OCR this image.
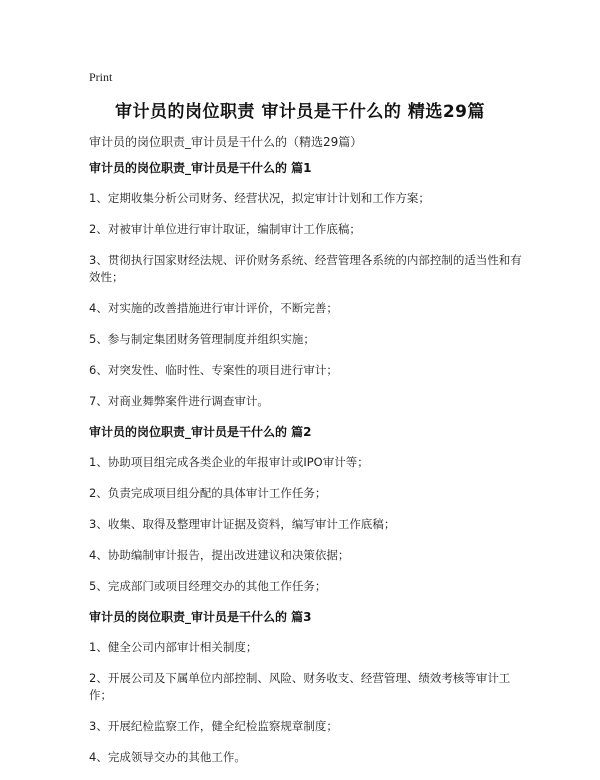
Print
审计员的岗位职责 审计员是干什么的 精选29篇
审计员的岗位职责_审计员是干什么的（精选29篇）
审计员的岗位职责_审计员是干什么的 篇1
1、定期收集分析公司财务、经营状况，拟定审计计划和工作方案；
2、对被审计单位进行审计取证，编制审计工作底稿；
3、贯彻执行国家财经法规、评价财务系统、经营管理各系统的内部控制的适当性和有效性；
4、对实施的改善措施进行审计评价，不断完善；
5、参与制定集团财务管理制度并组织实施；
6、对突发性、临时性、专案性的项目进行审计；
7、对商业舞弊案件进行调查审计。
审计员的岗位职责_审计员是干什么的 篇2
1、协助项目组完成各类企业的年报审计或IPO审计等；
2、负责完成项目组分配的具体审计工作任务；
3、收集、取得及整理审计证据及资料，编写审计工作底稿；
4、协助编制审计报告，提出改进建议和决策依据；
5、完成部门或项目经理交办的其他工作任务；
审计员的岗位职责_审计员是干什么的 篇3
1、健全公司内部审计相关制度；
2、开展公司及下属单位内部控制、风险、财务收支、经营管理、绩效考核等审计工作；
3、开展纪检监察工作，健全纪检监察规章制度；
4、完成领导交办的其他工作。
